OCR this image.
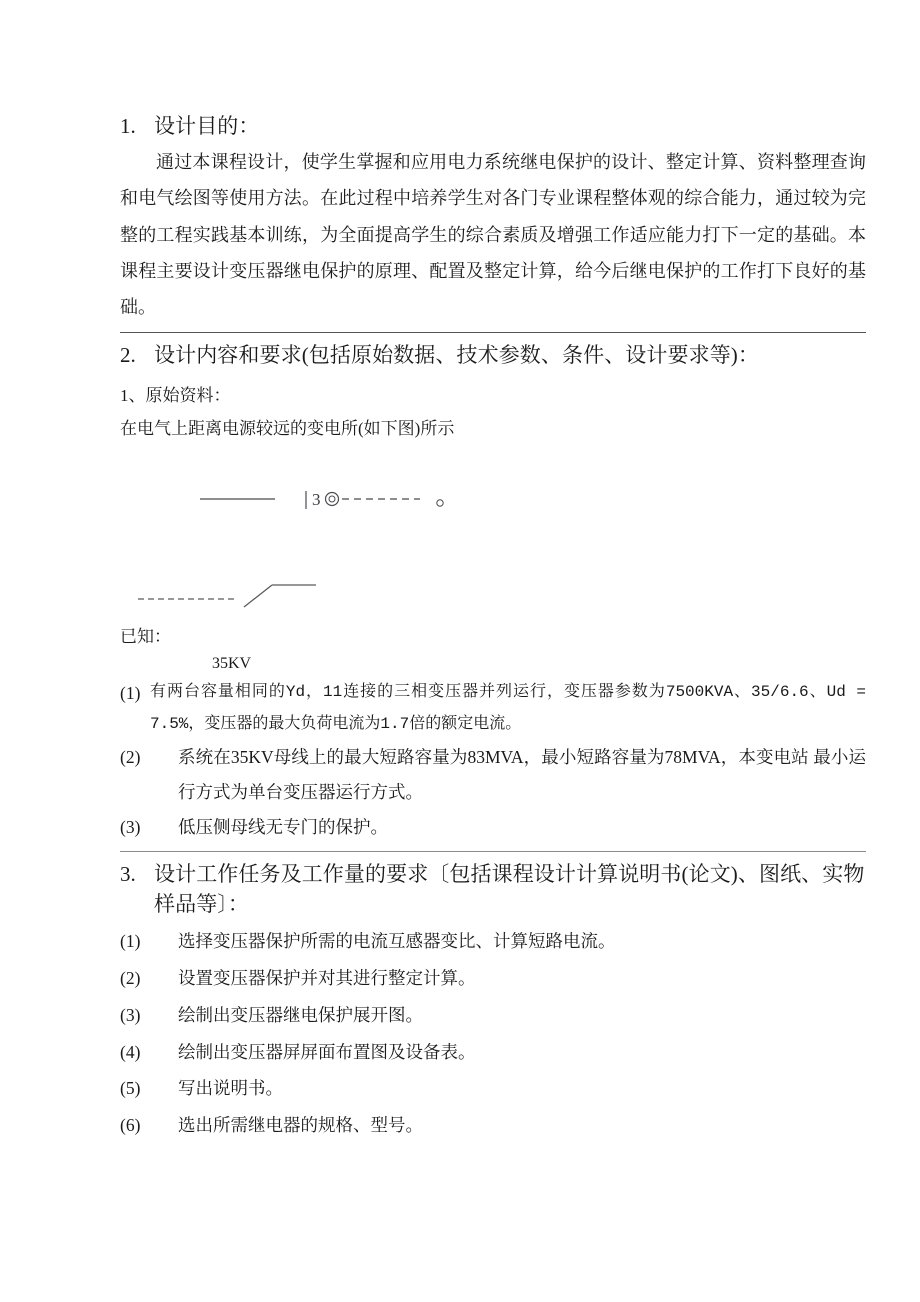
1. 设计目的：

通过本课程设计，使学生掌握和应用电力系统继电保护的设计、整定计算、资料整理查询和电气绘图等使用方法。在此过程中培养学生对各门专业课程整体观的综合能力，通过较为完整的工程实践基本训练，为全面提高学生的综合素质及增强工作适应能力打下一定的基础。本课程主要设计变压器继电保护的原理、配置及整定计算，给今后继电保护的工作打下良好的基础。

2. 设计内容和要求(包括原始数据、技术参数、条件、设计要求等)：

1、原始资料：

在电气上距离电源较远的变电所(如下图)所示

3

已知：

35KV
(1) 有两台容量相同的Yd，11连接的三相变压器并列运行，变压器参数为7500KVA、35/6.6、Ud = 7.5%，变压器的最大负荷电流为1.7倍的额定电流。
(2)	系统在35KV母线上的最大短路容量为83MVA，最小短路容量为78MVA，本变电站 最小运行方式为单台变压器运行方式。
(3)	低压侧母线无专门的保护。
3. 设计工作任务及工作量的要求〔包括课程设计计算说明书(论文)、图纸、实物样品等〕：
(1)	选择变压器保护所需的电流互感器变比、计算短路电流。
(2)	设置变压器保护并对其进行整定计算。
(3)	绘制出变压器继电保护展开图。
(4)	绘制出变压器屏屏面布置图及设备表。
(5)	写出说明书。
(6)	选出所需继电器的规格、型号。
